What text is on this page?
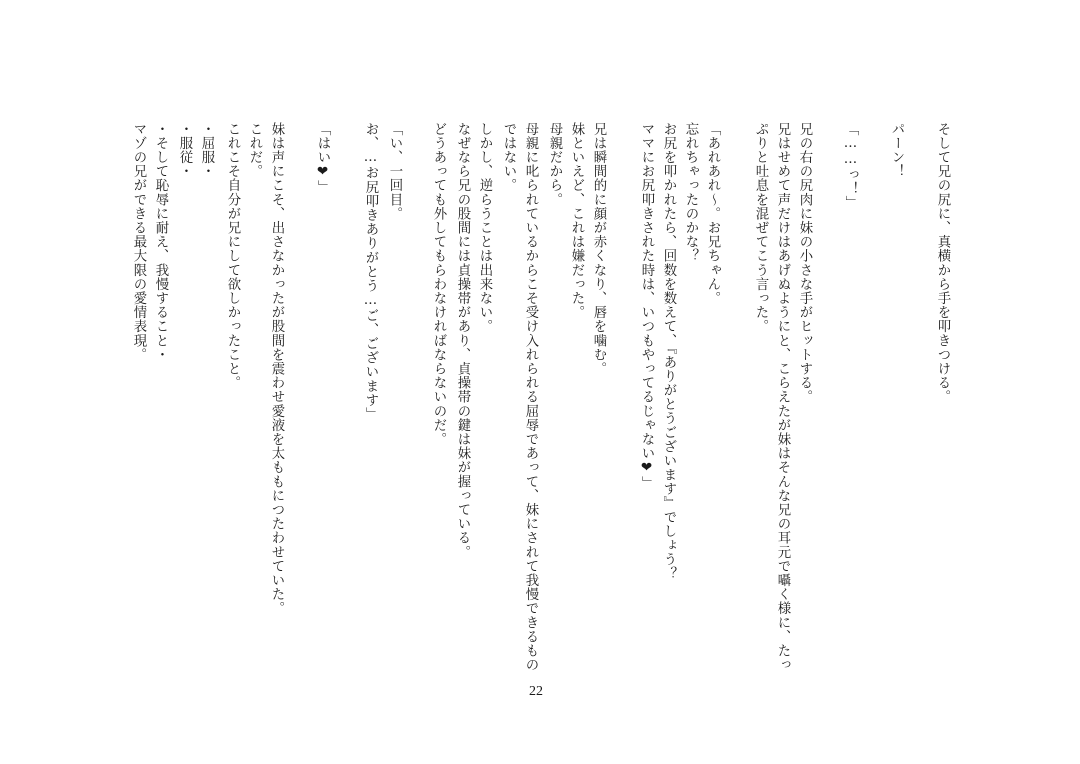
そして兄の尻に、真横から手を叩きつける。
パーン！
「……っ！」
兄の右の尻肉に妹の小さな手がヒットする。
兄はせめて声だけはあげぬようにと、こらえたが妹はそんな兄の耳元で囁く様に、たっ
ぷりと吐息を混ぜてこう言った。
「あれあれ～。お兄ちゃん。
忘れちゃったのかな？
お尻を叩かれたら、回数を数えて、『ありがとうございます』でしょう？
ママにお尻叩きされた時は、いつもやってるじゃない❤」
兄は瞬間的に顔が赤くなり、唇を噛む。
妹といえど、これは嫌だった。
母親だから。
母親に叱られているからこそ受け入れられる屈辱であって、妹にされて我慢できるもの
ではない。
しかし、逆らうことは出来ない。
なぜなら兄の股間には貞操帯があり、貞操帯の鍵は妹が握っている。
どうあっても外してもらわなければならないのだ。
「い、一回目。
お、…お尻叩きありがとう…ご、ございます」
「はい❤」
妹は声にこそ、出さなかったが股間を震わせ愛液を太ももにつたわせていた。
これだ。
これこそ自分が兄にして欲しかったこと。
・屈服・
・服従・
・そして恥辱に耐え、我慢すること・
マゾの兄ができる最大限の愛情表現。
22
